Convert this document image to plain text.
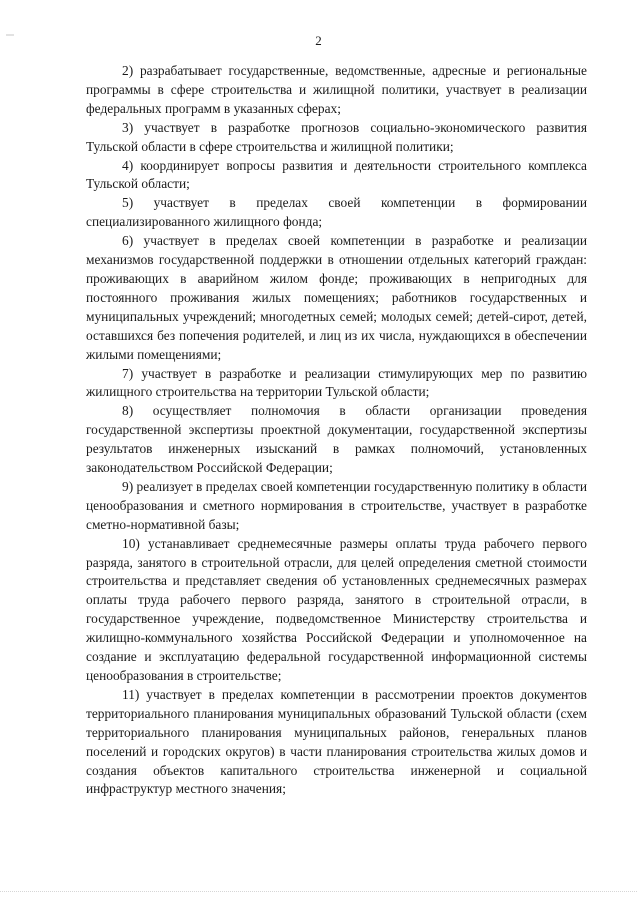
2

2) разрабатывает государственные, ведомственные, адресные и региональные программы в сфере строительства и жилищной политики, участвует в реализации федеральных программ в указанных сферах;

3) участвует в разработке прогнозов социально-экономического развития Тульской области в сфере строительства и жилищной политики;

4) координирует вопросы развития и деятельности строительного комплекса Тульской области;

5) участвует в пределах своей компетенции в формировании специализированного жилищного фонда;

6) участвует в пределах своей компетенции в разработке и реализации механизмов государственной поддержки в отношении отдельных категорий граждан: проживающих в аварийном жилом фонде; проживающих в непригодных для постоянного проживания жилых помещениях; работников государственных и муниципальных учреждений; многодетных семей; молодых семей; детей-сирот, детей, оставшихся без попечения родителей, и лиц из их числа, нуждающихся в обеспечении жилыми помещениями;

7) участвует в разработке и реализации стимулирующих мер по развитию жилищного строительства на территории Тульской области;

8) осуществляет полномочия в области организации проведения государственной экспертизы проектной документации, государственной экспертизы результатов инженерных изысканий в рамках полномочий, установленных законодательством Российской Федерации;

9) реализует в пределах своей компетенции государственную политику в области ценообразования и сметного нормирования в строительстве, участвует в разработке сметно-нормативной базы;

10) устанавливает среднемесячные размеры оплаты труда рабочего первого разряда, занятого в строительной отрасли, для целей определения сметной стоимости строительства и представляет сведения об установленных среднемесячных размерах оплаты труда рабочего первого разряда, занятого в строительной отрасли, в государственное учреждение, подведомственное Министерству строительства и жилищно-коммунального хозяйства Российской Федерации и уполномоченное на создание и эксплуатацию федеральной государственной информационной системы ценообразования в строительстве;

11) участвует в пределах компетенции в рассмотрении проектов документов территориального планирования муниципальных образований Тульской области (схем территориального планирования муниципальных районов, генеральных планов поселений и городских округов) в части планирования строительства жилых домов и создания объектов капитального строительства инженерной и социальной инфраструктур местного значения;
